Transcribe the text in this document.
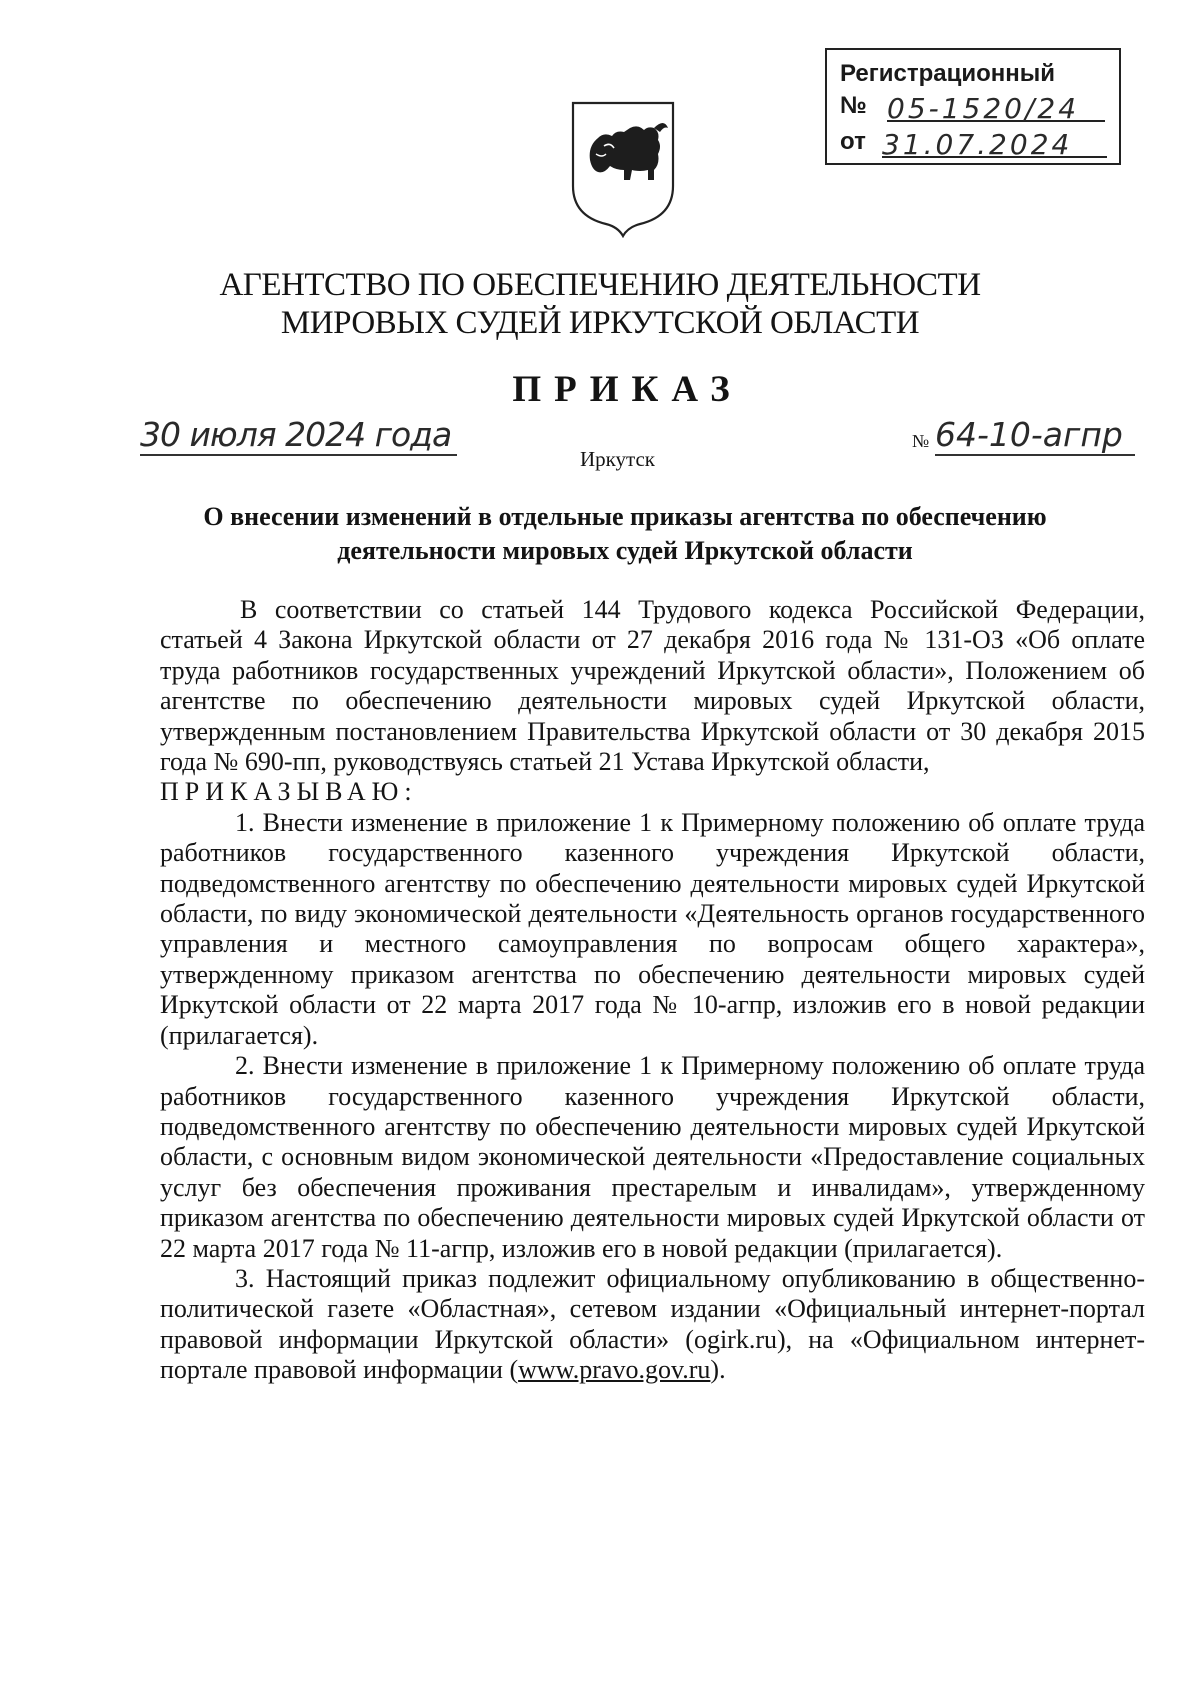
Регистрационный
№ 05-1520/24
от 31.07.2024
АГЕНТСТВО ПО ОБЕСПЕЧЕНИЮ ДЕЯТЕЛЬНОСТИ
МИРОВЫХ СУДЕЙ ИРКУТСКОЙ ОБЛАСТИ
ПРИКАЗ
30 июля 2024 года	№ 64-10-агпр
Иркутск
О внесении изменений в отдельные приказы агентства по обеспечению
деятельности мировых судей Иркутской области

В соответствии со статьей 144 Трудового кодекса Российской Федерации, статьей 4 Закона Иркутской области от 27 декабря 2016 года № 131-ОЗ «Об оплате труда работников государственных учреждений Иркутской области», Положением об агентстве по обеспечению деятельности мировых судей Иркутской области, утвержденным постановлением Правительства Иркутской области от 30 декабря 2015 года № 690-пп, руководствуясь статьей 21 Устава Иркутской области,

ПРИКАЗЫВАЮ:

1. Внести изменение в приложение 1 к Примерному положению об оплате труда работников государственного казенного учреждения Иркутской области, подведомственного агентству по обеспечению деятельности мировых судей Иркутской области, по виду экономической деятельности «Деятельность органов государственного управления и местного самоуправления по вопросам общего характера», утвержденному приказом агентства по обеспечению деятельности мировых судей Иркутской области от 22 марта 2017 года № 10-агпр, изложив его в новой редакции (прилагается).

2. Внести изменение в приложение 1 к Примерному положению об оплате труда работников государственного казенного учреждения Иркутской области, подведомственного агентству по обеспечению деятельности мировых судей Иркутской области, с основным видом экономической деятельности «Предоставление социальных услуг без обеспечения проживания престарелым и инвалидам», утвержденному приказом агентства по обеспечению деятельности мировых судей Иркутской области от 22 марта 2017 года № 11-агпр, изложив его в новой редакции (прилагается).

3. Настоящий приказ подлежит официальному опубликованию в общественно-политической газете «Областная», сетевом издании «Официальный интернет-портал правовой информации Иркутской области» (ogirk.ru), на «Официальном интернет-портале правовой информации (www.pravo.gov.ru).
